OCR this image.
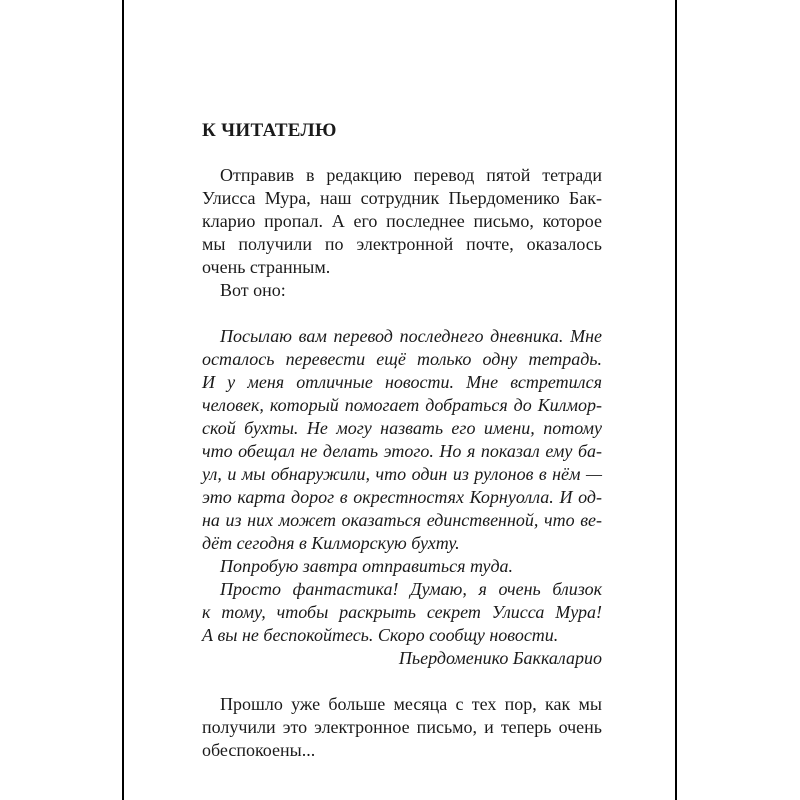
К ЧИТАТЕЛЮ
Отправив в редакцию перевод пятой тетради
Улисса Мура, наш сотрудник Пьердоменико Бак-
кларио пропал. А его последнее письмо, которое
мы получили по электронной почте, оказалось
очень странным.
Вот оно:
Посылаю вам перевод последнего дневника. Мне
осталось перевести ещё только одну тетрадь.
И у меня отличные новости. Мне встретился
человек, который помогает добраться до Килмор-
ской бухты. Не могу назвать его имени, потому
что обещал не делать этого. Но я показал ему ба-
ул, и мы обнаружили, что один из рулонов в нём —
это карта дорог в окрестностях Корнуолла. И од-
на из них может оказаться единственной, что ве-
дёт сегодня в Килморскую бухту.
Попробую завтра отправиться туда.
Просто фантастика! Думаю, я очень близок
к тому, чтобы раскрыть секрет Улисса Мура!
А вы не беспокойтесь. Скоро сообщу новости.
Пьердоменико Баккаларио
Прошло уже больше месяца с тех пор, как мы
получили это электронное письмо, и теперь очень
обеспокоены...
